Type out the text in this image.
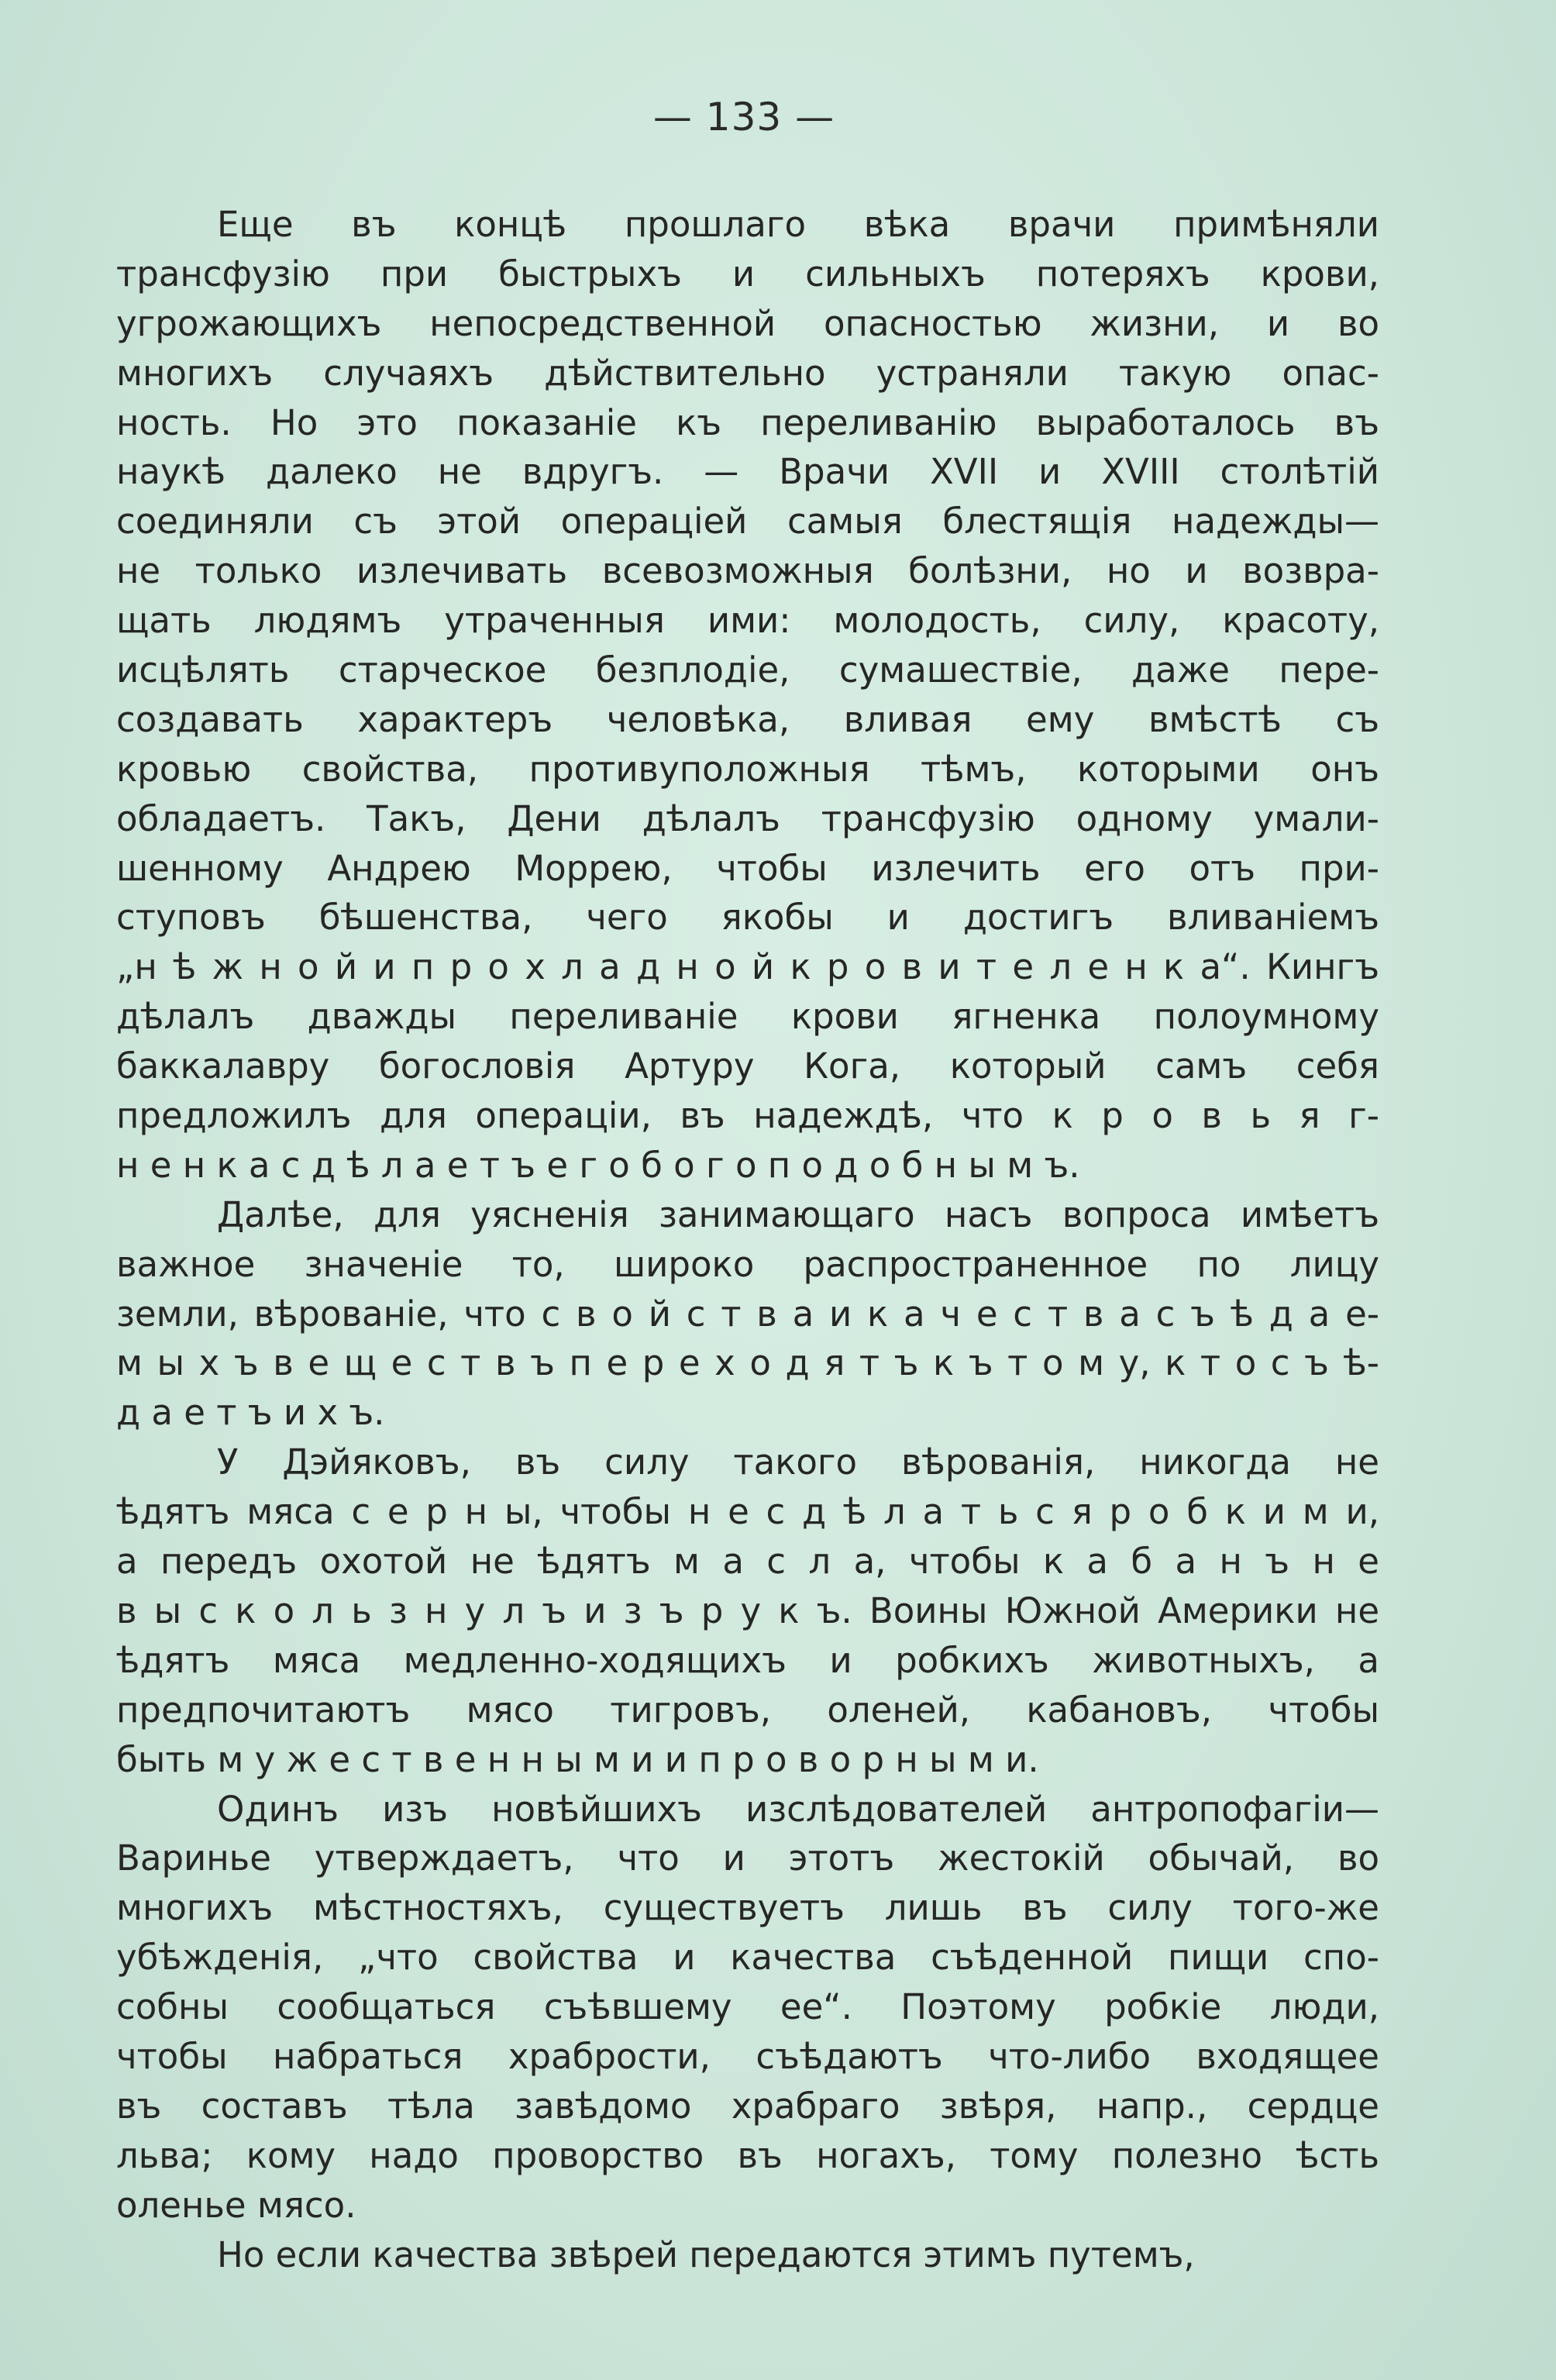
— 133 —
Еще въ концѣ прошлаго вѣка врачи примѣняли
трансфузію при быстрыхъ и сильныхъ потеряхъ крови,
угрожающихъ непосредственной опасностью жизни, и во
многихъ случаяхъ дѣйствительно устраняли такую опас-
ность. Но это показаніе къ переливанію выработалось въ
наукѣ далеко не вдругъ. — Врачи XVII и XVIII столѣтій
соединяли съ этой операціей самыя блестящія надежды—
не только излечивать всевозможныя болѣзни, но и возвра-
щать людямъ утраченныя ими: молодость, силу, красоту,
исцѣлять старческое безплодіе, сумашествіе, даже пере-
создавать характеръ человѣка, вливая ему вмѣстѣ съ
кровью свойства, противуположныя тѣмъ, которыми онъ
обладаетъ. Такъ, Дени дѣлалъ трансфузію одному умали-
шенному Андрею Моррею, чтобы излечить его отъ при-
ступовъ бѣшенства, чего якобы и достигъ вливаніемъ
„н ѣ ж н о й и п р о х л а д н о й к р о в и т е л е н к а“. Кингъ
дѣлалъ дважды переливаніе крови ягненка полоумному
баккалавру богословія Артуру Кога, который самъ себя
предложилъ для операціи, въ надеждѣ, что к р о в ь я г-
н е н к а с д ѣ л а е т ъ е г о б о г о п о д о б н ы м ъ.
Далѣе, для уясненія занимающаго насъ вопроса имѣетъ
важное значеніе то, широко распространенное по лицу
земли, вѣрованіе, что с в о й с т в а и к а ч е с т в а с ъ ѣ д а е-
м ы х ъ в е щ е с т в ъ п е р е х о д я т ъ к ъ т о м у, к т о с ъ ѣ-
д а е т ъ и х ъ.
У Дэйяковъ, въ силу такого вѣрованія, никогда не
ѣдятъ мяса с е р н ы, чтобы н е с д ѣ л а т ь с я р о б к и м и,
а передъ охотой не ѣдятъ м а с л а, чтобы к а б а н ъ н е
в ы с к о л ь з н у л ъ и з ъ р у к ъ. Воины Южной Америки не
ѣдятъ мяса медленно-ходящихъ и робкихъ животныхъ, а
предпочитаютъ мясо тигровъ, оленей, кабановъ, чтобы
быть м у ж е с т в е н н ы м и и п р о в о р н ы м и.
Одинъ изъ новѣйшихъ изслѣдователей антропофагіи—
Варинье утверждаетъ, что и этотъ жестокій обычай, во
многихъ мѣстностяхъ, существуетъ лишь въ силу того-же
убѣжденія, „что свойства и качества съѣденной пищи спо-
собны сообщаться съѣвшему ее“. Поэтому робкіе люди,
чтобы набраться храбрости, съѣдаютъ что-либо входящее
въ составъ тѣла завѣдомо храбраго звѣря, напр., сердце
льва; кому надо проворство въ ногахъ, тому полезно ѣсть
оленье мясо.
Но если качества звѣрей передаются этимъ путемъ,
